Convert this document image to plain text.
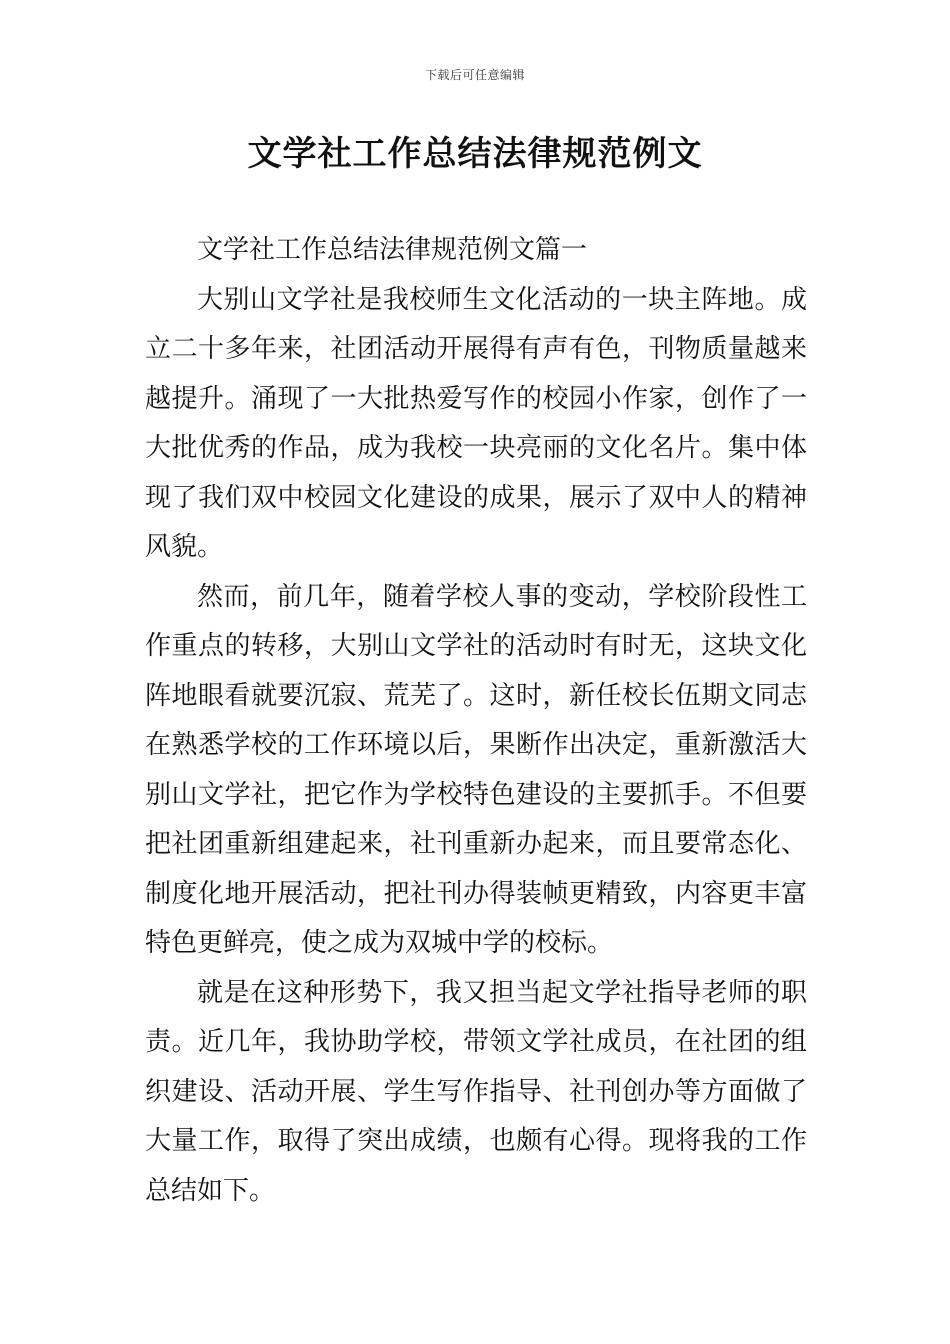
下载后可任意编辑
文学社工作总结法律规范例文

文学社工作总结法律规范例文篇一

大别山文学社是我校师生文化活动的一块主阵地。成立二十多年来，社团活动开展得有声有色，刊物质量越来越提升。涌现了一大批热爱写作的校园小作家，创作了一大批优秀的作品，成为我校一块亮丽的文化名片。集中体现了我们双中校园文化建设的成果，展示了双中人的精神风貌。

然而，前几年，随着学校人事的变动，学校阶段性工作重点的转移，大别山文学社的活动时有时无，这块文化阵地眼看就要沉寂、荒芜了。这时，新任校长伍期文同志在熟悉学校的工作环境以后，果断作出决定，重新激活大别山文学社，把它作为学校特色建设的主要抓手。不但要把社团重新组建起来，社刊重新办起来，而且要常态化、制度化地开展活动，把社刊办得装帧更精致，内容更丰富特色更鲜亮，使之成为双城中学的校标。

就是在这种形势下，我又担当起文学社指导老师的职责。近几年，我协助学校，带领文学社成员，在社团的组织建设、活动开展、学生写作指导、社刊创办等方面做了大量工作，取得了突出成绩，也颇有心得。现将我的工作总结如下。
